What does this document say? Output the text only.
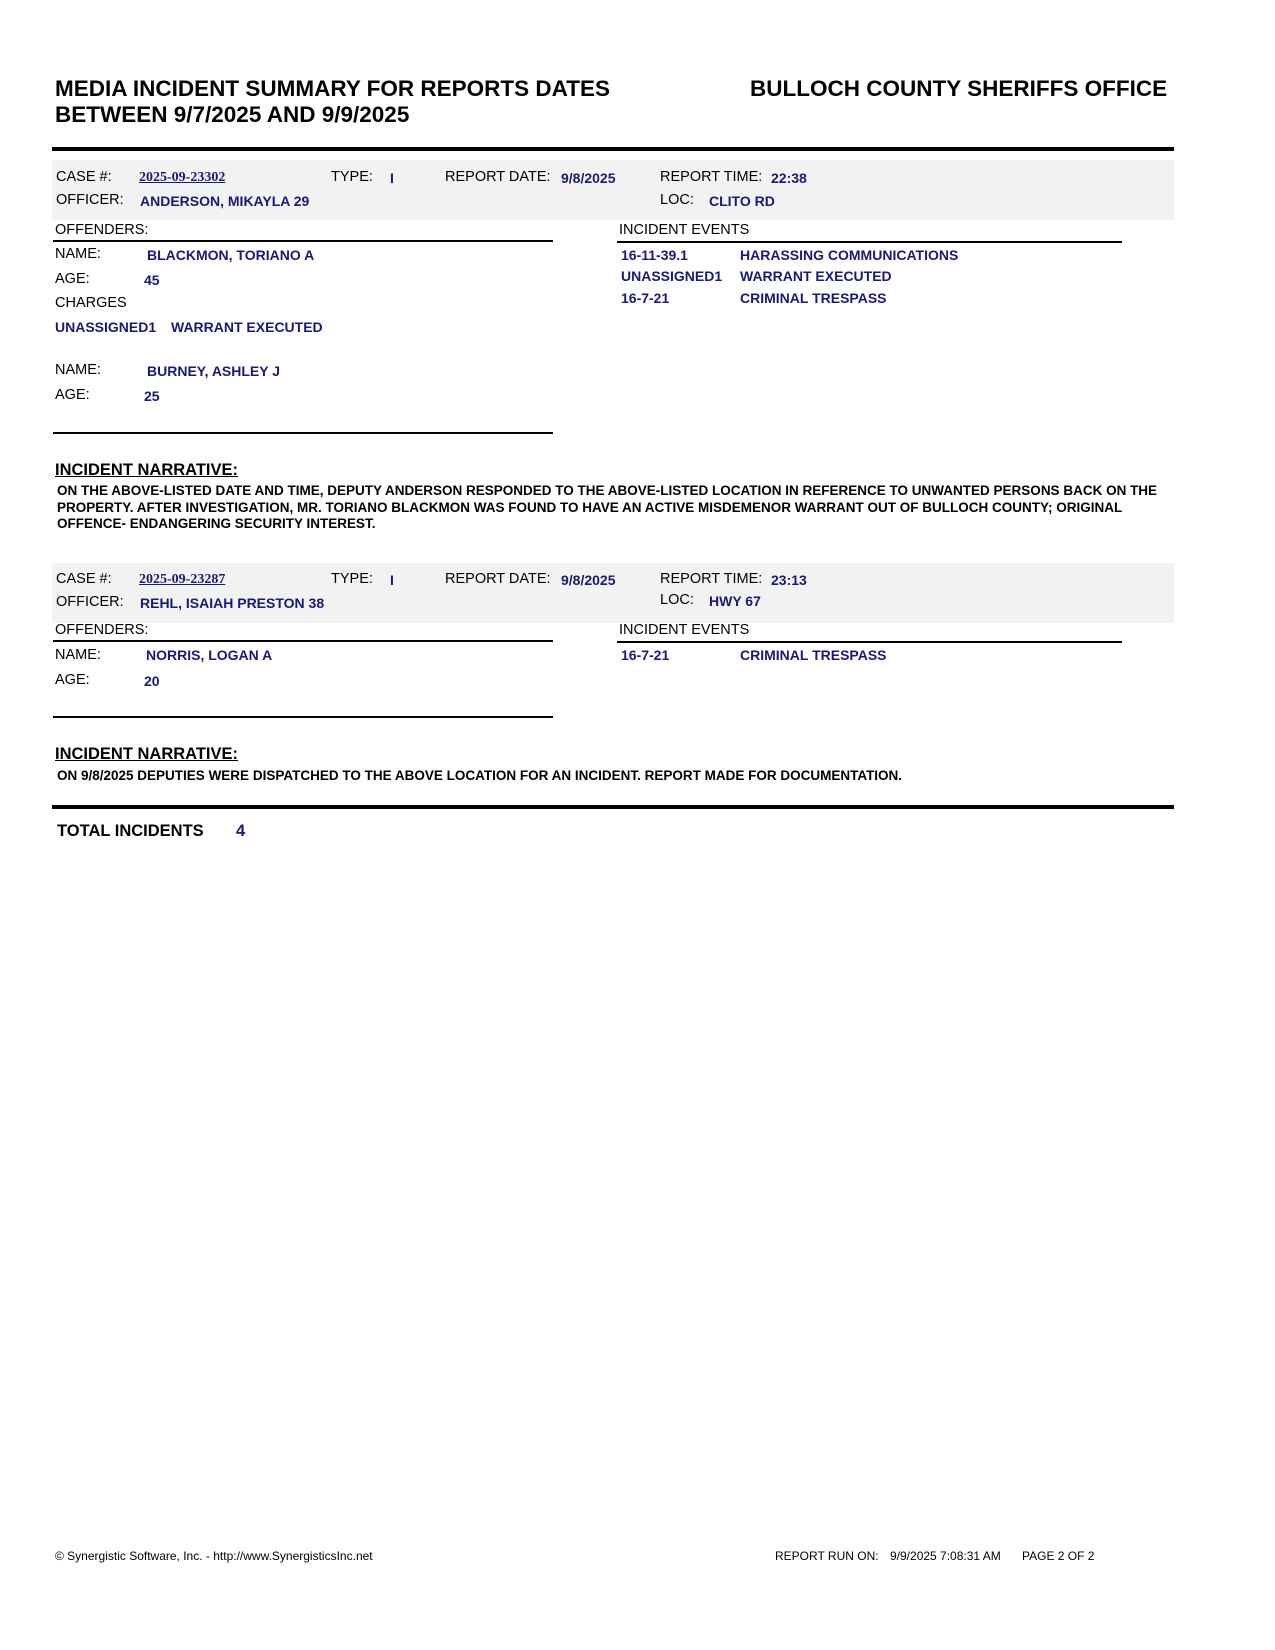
MEDIA INCIDENT SUMMARY FOR REPORTS DATES BETWEEN 9/7/2025 AND 9/9/2025
BULLOCH COUNTY SHERIFFS OFFICE
CASE #: 2025-09-23302	TYPE: I	REPORT DATE: 9/8/2025	REPORT TIME: 22:38
OFFICER: ANDERSON, MIKAYLA 29	LOC: CLITO RD
OFFENDERS:	INCIDENT EVENTS
NAME:	BLACKMON, TORIANO A
AGE:	45
CHARGES
UNASSIGNED1 WARRANT EXECUTED
NAME:	BURNEY, ASHLEY J
AGE:	25
16-11-39.1	HARASSING COMMUNICATIONS
UNASSIGNED1 WARRANT EXECUTED
16-7-21	CRIMINAL TRESPASS
INCIDENT NARRATIVE:
ON THE ABOVE-LISTED DATE AND TIME, DEPUTY ANDERSON RESPONDED TO THE ABOVE-LISTED LOCATION IN REFERENCE TO UNWANTED PERSONS BACK ON THE PROPERTY. AFTER INVESTIGATION, MR. TORIANO BLACKMON WAS FOUND TO HAVE AN ACTIVE MISDEMENOR WARRANT OUT OF BULLOCH COUNTY; ORIGINAL OFFENCE- ENDANGERING SECURITY INTEREST.
CASE #: 2025-09-23287	TYPE: I	REPORT DATE: 9/8/2025	REPORT TIME: 23:13
OFFICER: REHL, ISAIAH PRESTON 38	LOC: HWY 67
OFFENDERS:	INCIDENT EVENTS
NAME:	NORRIS, LOGAN A
AGE:	20
16-7-21	CRIMINAL TRESPASS
INCIDENT NARRATIVE:
ON 9/8/2025 DEPUTIES WERE DISPATCHED TO THE ABOVE LOCATION FOR AN INCIDENT. REPORT MADE FOR DOCUMENTATION.
TOTAL INCIDENTS 4
© Synergistic Software, Inc. - http://www.SynergisticsInc.net	REPORT RUN ON: 9/9/2025 7:08:31 AM PAGE 2 OF 2
